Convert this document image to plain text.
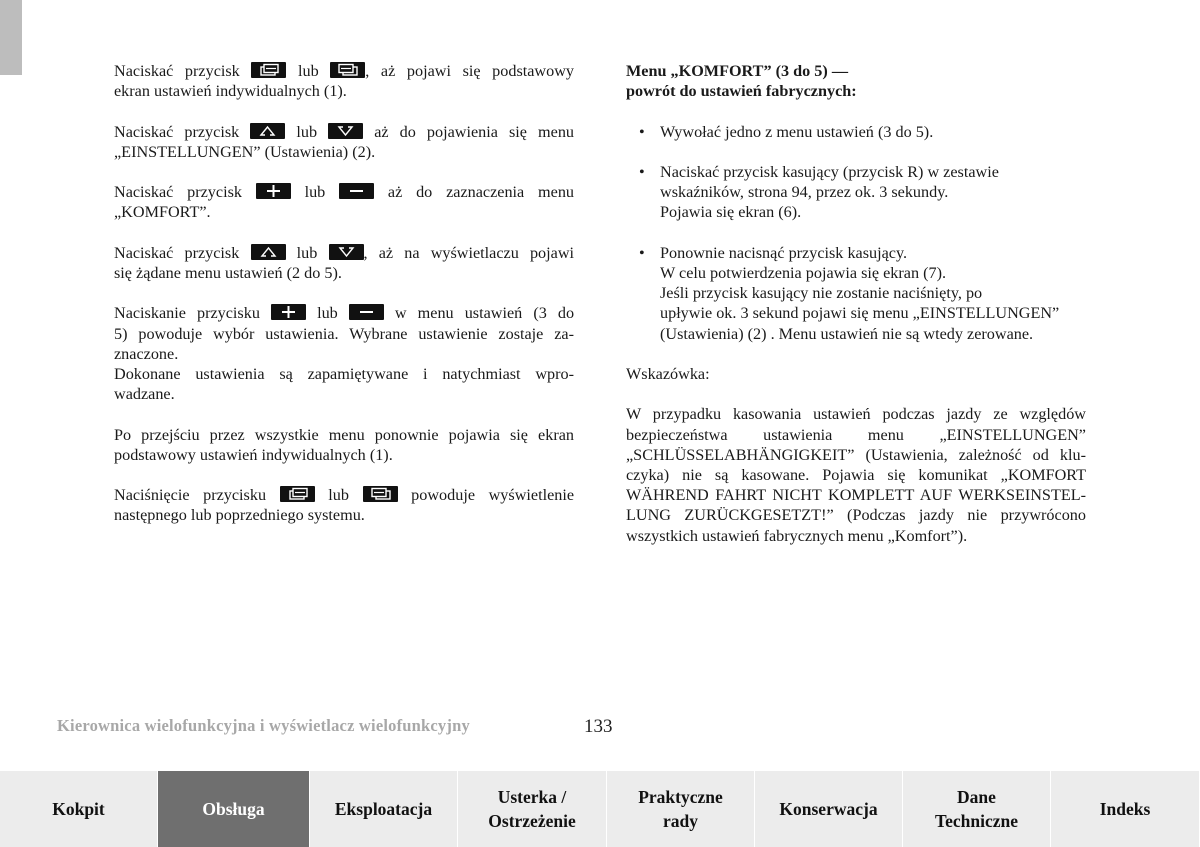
Naciskać przycisk	lub	, aż pojawi się podstawowy
ekran ustawień indywidualnych (1).
Naciskać przycisk	lub	aż do pojawienia się menu
„EINSTELLUNGEN” (Ustawienia) (2).
Naciskać przycisk	lub	aż do zaznaczenia menu
„KOMFORT”.
Naciskać przycisk	lub	, aż na wyświetlaczu pojawi
się żądane menu ustawień (2 do 5).
Naciskanie przycisku	lub	w menu ustawień (3 do
5) powoduje wybór ustawienia. Wybrane ustawienie zostaje za-
znaczone.
Dokonane ustawienia są zapamiętywane i natychmiast wpro-
wadzane.
Po przejściu przez wszystkie menu ponownie pojawia się ekran
podstawowy ustawień indywidualnych (1).
Naciśnięcie przycisku	lub	powoduje wyświetlenie
następnego lub poprzedniego systemu.
Menu „KOMFORT” (3 do 5) —
powrót do ustawień fabrycznych:
• Wywołać jedno z menu ustawień (3 do 5).
• Naciskać przycisk kasujący (przycisk R) w zestawie
wskaźników, strona 94, przez ok. 3 sekundy.
Pojawia się ekran (6).
• Ponownie nacisnąć przycisk kasujący.
W celu potwierdzenia pojawia się ekran (7).
Jeśli przycisk kasujący nie zostanie naciśnięty, po
upływie ok. 3 sekund pojawi się menu „EINSTELLUNGEN”
(Ustawienia) (2) . Menu ustawień nie są wtedy zerowane.
Wskazówka:
W przypadku kasowania ustawień podczas jazdy ze względów
bezpieczeństwa ustawienia menu „EINSTELLUNGEN”
„SCHLÜSSELABHÄNGIGKEIT” (Ustawienia, zależność od klu-
czyka) nie są kasowane. Pojawia się komunikat „KOMFORT
WÄHREND FAHRT NICHT KOMPLETT AUF WERKSEINSTEL-
LUNG ZURÜCKGESETZT!” (Podczas jazdy nie przywrócono
wszystkich ustawień fabrycznych menu „Komfort”).
Kierownica wielofunkcyjna i wyświetlacz wielofunkcyjny	133
Kokpit	Obsługa	Eksploatacja
Usterka /
Ostrzeżenie
Praktyczne
rady
Konserwacja
Dane
Techniczne
Indeks
